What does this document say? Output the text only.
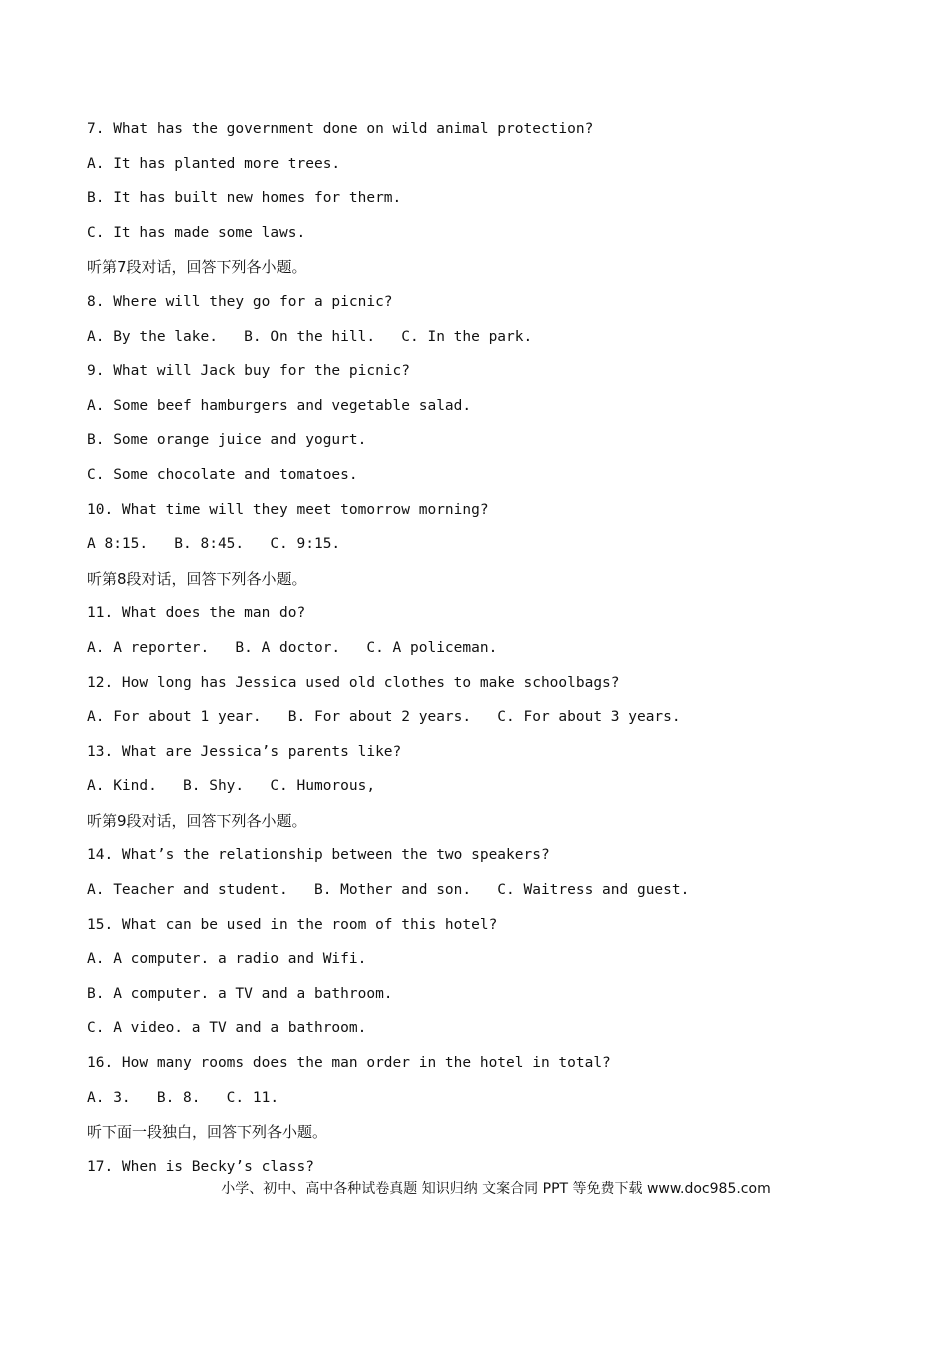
7. What has the government done on wild animal protection?
A. It has planted more trees.
B. It has built new homes for therm.
C. It has made some laws.
听第7段对话，回答下列各小题。
8. Where will they go for a picnic?
A. By the lake.   B. On the hill.   C. In the park.
9. What will Jack buy for the picnic?
A. Some beef hamburgers and vegetable salad.
B. Some orange juice and yogurt.
C. Some chocolate and tomatoes.
10. What time will they meet tomorrow morning?
A 8:15.   B. 8:45.   C. 9:15.
听第8段对话，回答下列各小题。
11. What does the man do?
A. A reporter.   B. A doctor.   C. A policeman.
12. How long has Jessica used old clothes to make schoolbags?
A. For about 1 year.   B. For about 2 years.   C. For about 3 years.
13. What are Jessica’s parents like?
A. Kind.   B. Shy.   C. Humorous,
听第9段对话，回答下列各小题。
14. What’s the relationship between the two speakers?
A. Teacher and student.   B. Mother and son.   C. Waitress and guest.
15. What can be used in the room of this hotel?
A. A computer. a radio and Wifi.
B. A computer. a TV and a bathroom.
C. A video. a TV and a bathroom.
16. How many rooms does the man order in the hotel in total?
A. 3.   B. 8.   C. 11.
听下面一段独白，回答下列各小题。
17. When is Becky’s class?
小学、初中、高中各种试卷真题 知识归纳 文案合同 PPT 等免费下载 www.doc985.com
